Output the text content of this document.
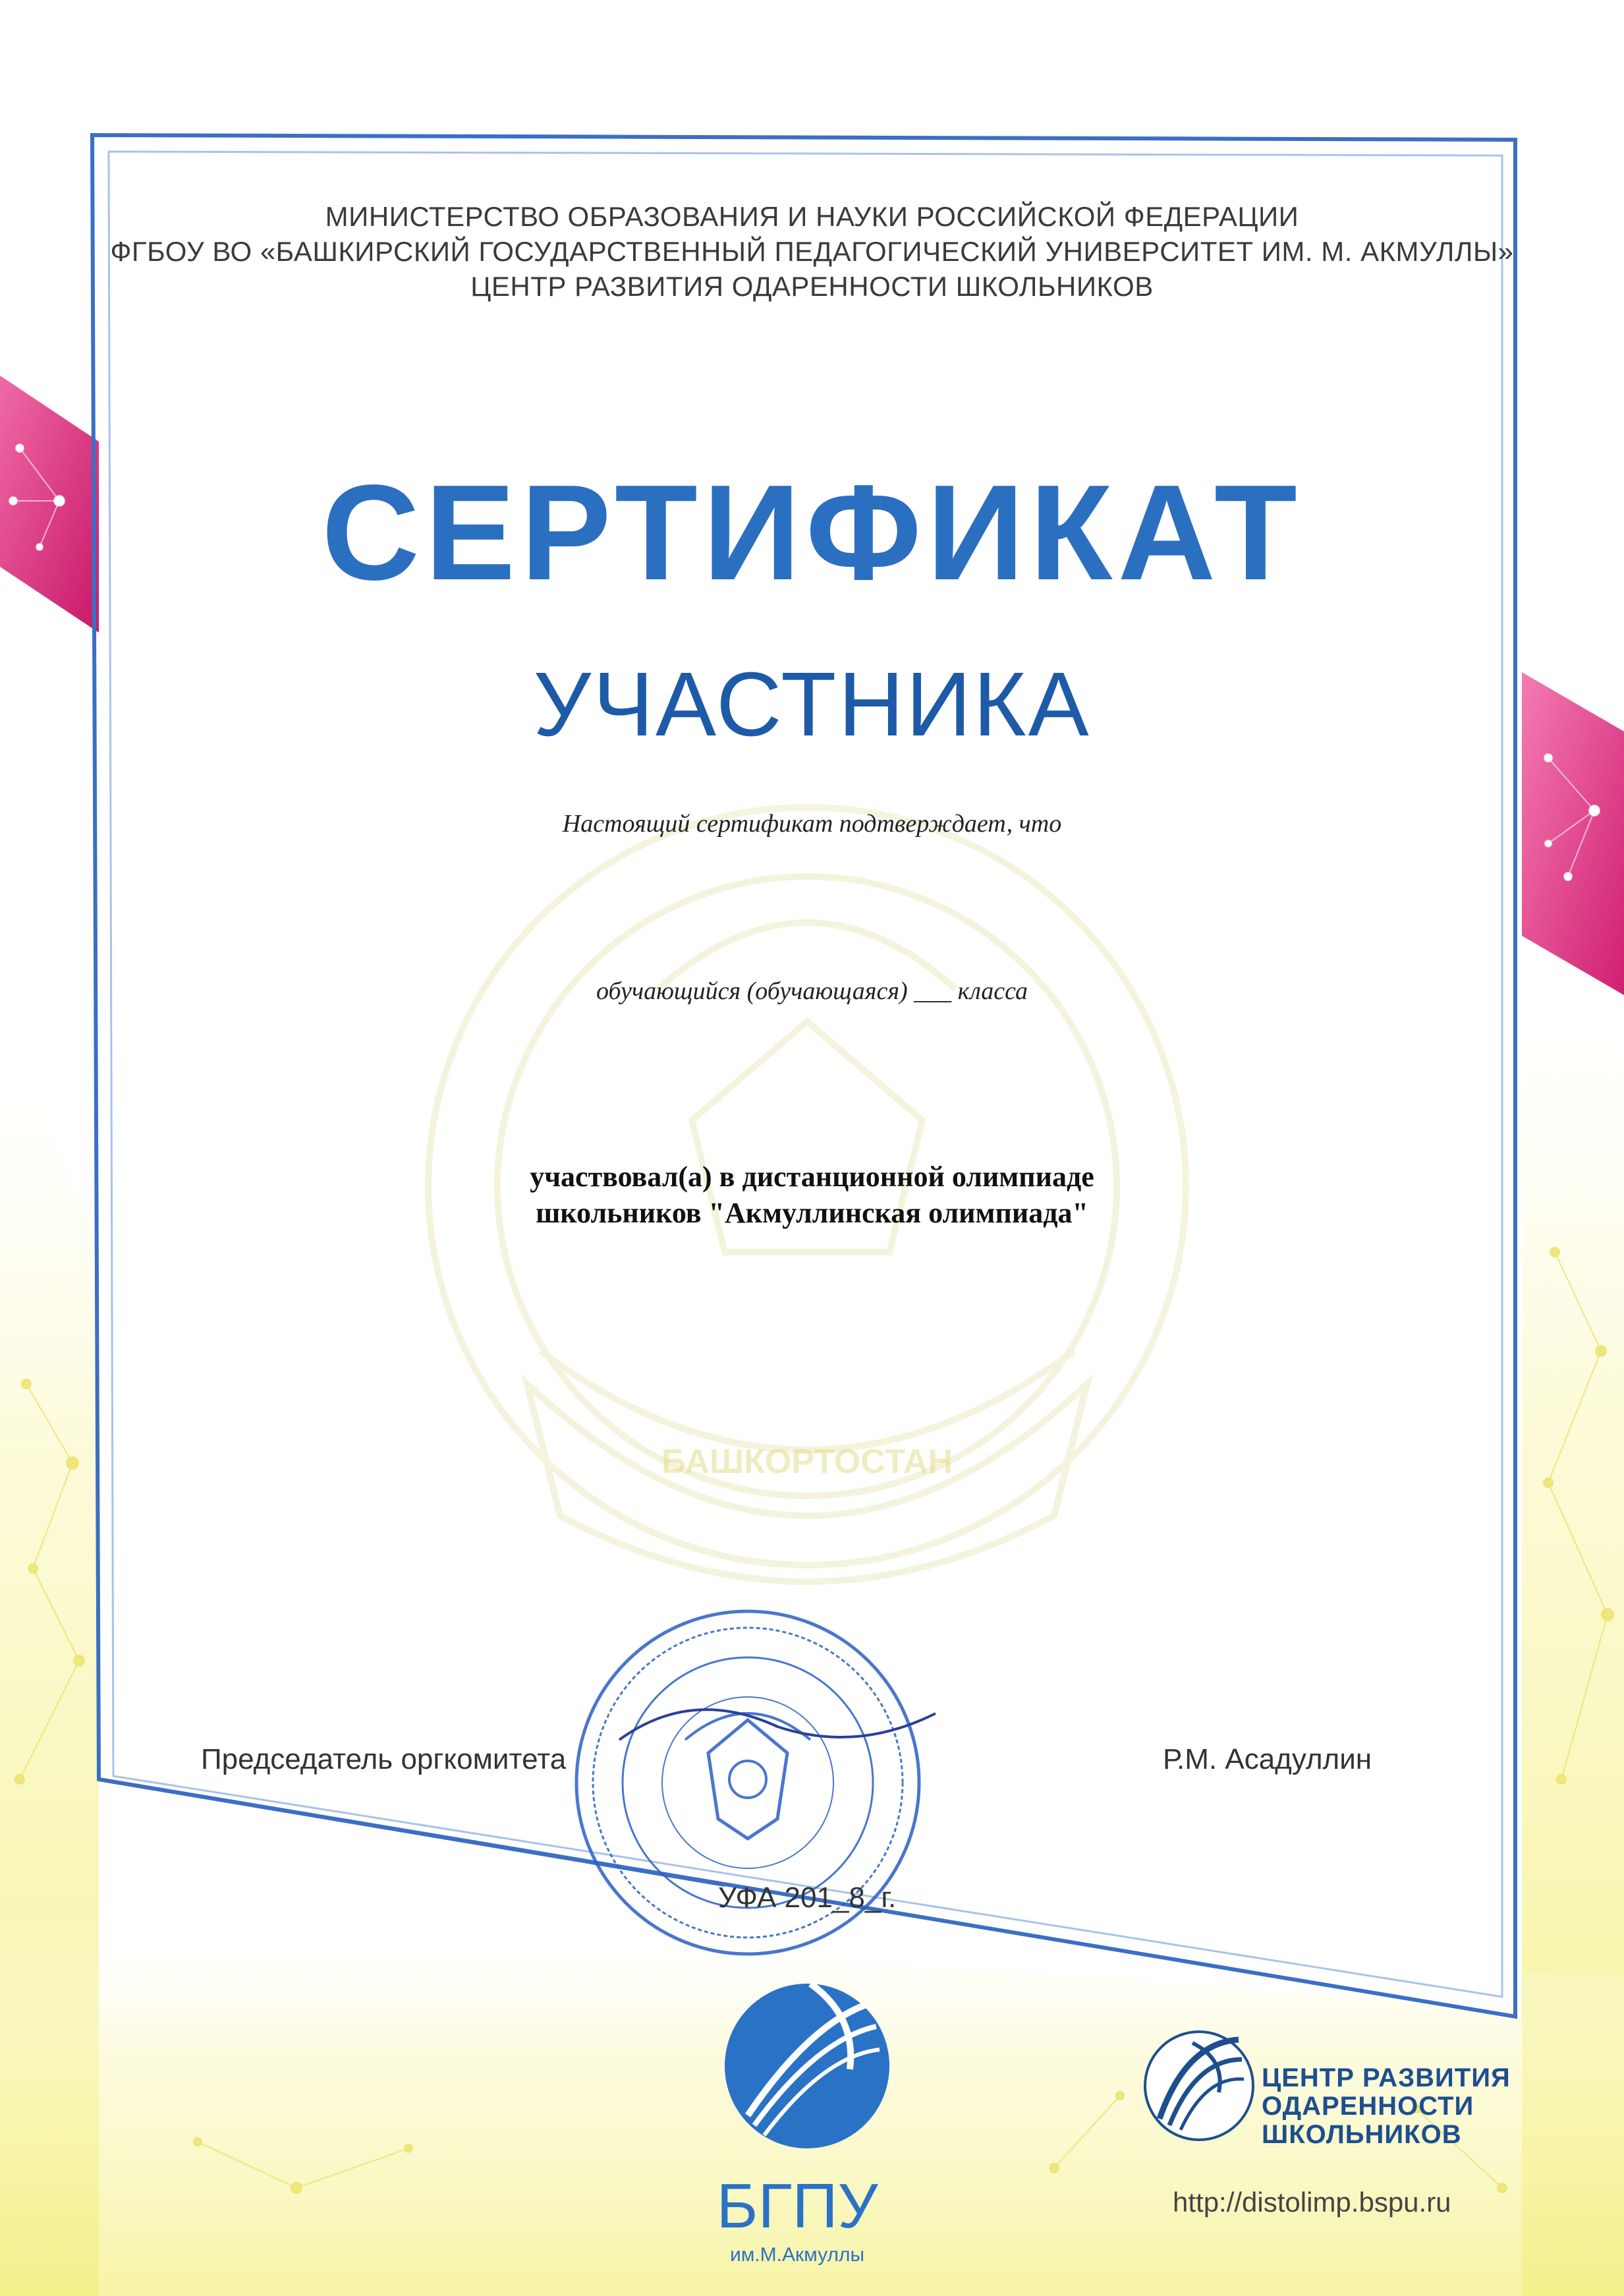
БАШКОРТОСТАН
МИНИСТЕРСТВО ОБРАЗОВАНИЯ И НАУКИ РОССИЙСКОЙ ФЕДЕРАЦИИ
ФГБОУ ВО «БАШКИРСКИЙ ГОСУДАРСТВЕННЫЙ ПЕДАГОГИЧЕСКИЙ УНИВЕРСИТЕТ ИМ. М. АКМУЛЛЫ»
ЦЕНТР РАЗВИТИЯ ОДАРЕННОСТИ ШКОЛЬНИКОВ
СЕРТИФИКАТ
УЧАСТНИКА
Настоящий сертификат подтверждает, что
обучающийся (обучающаяся) ___ класса
участвовал(а) в дистанционной олимпиаде
школьников "Акмуллинская олимпиада"
Председатель оргкомитета	Р.М. Асадуллин
УФА 201_8_г.
БГПУ
им.М.Акмуллы
ЦЕНТР РАЗВИТИЯ
ОДАРЕННОСТИ
ШКОЛЬНИКОВ
http://distolimp.bspu.ru
